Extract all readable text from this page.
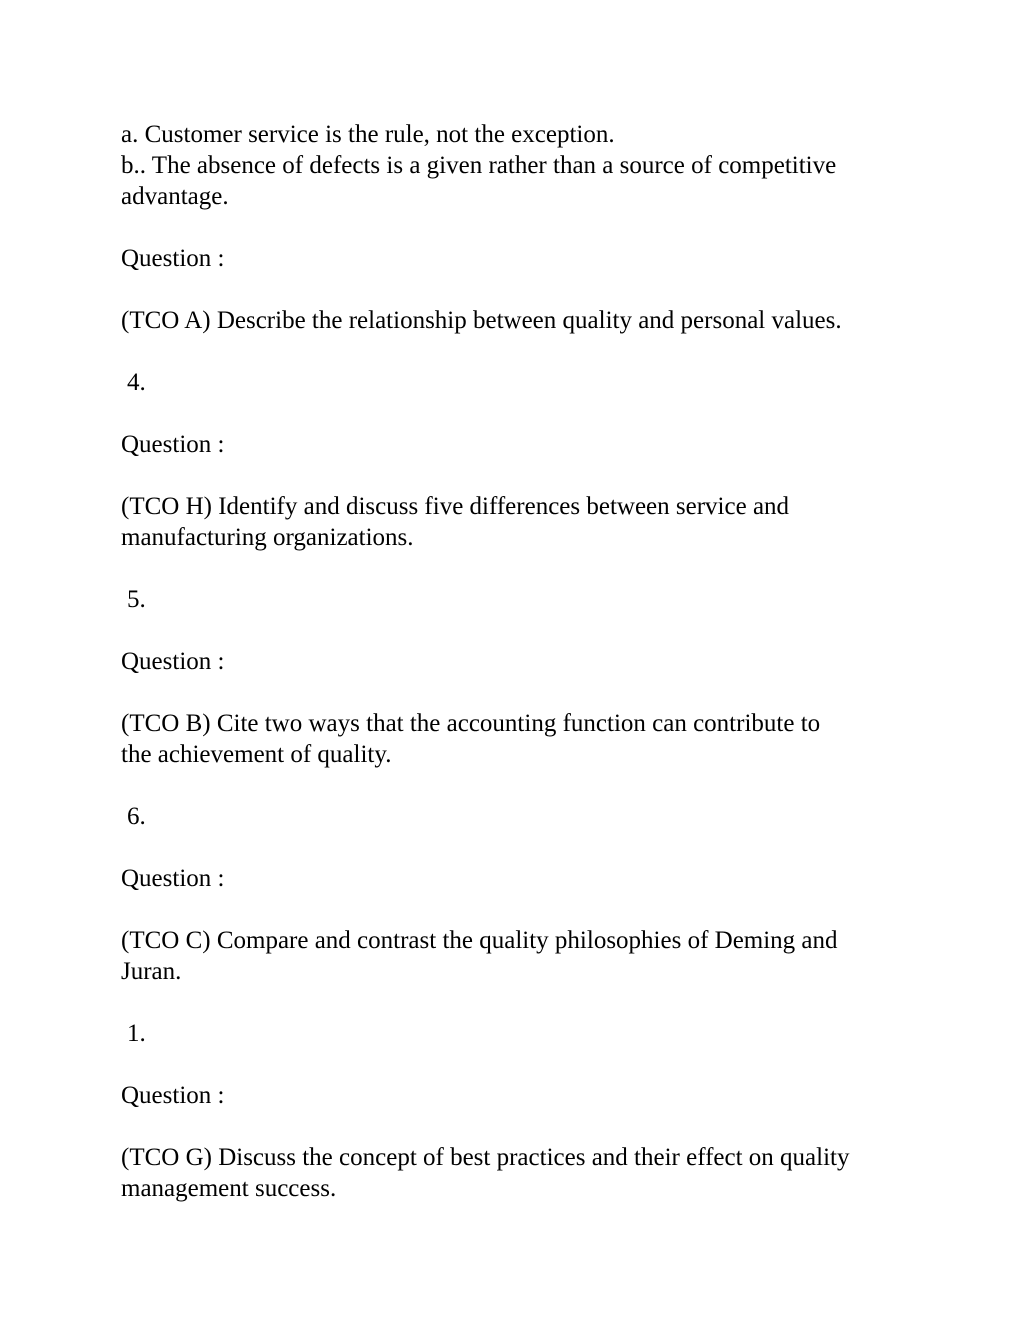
a. Customer service is the rule, not the exception.
b.. The absence of defects is a given rather than a source of competitive
advantage.
Question :
(TCO A) Describe the relationship between quality and personal values.
4.
Question :
(TCO H) Identify and discuss five differences between service and
manufacturing organizations.
5.
Question :
(TCO B) Cite two ways that the accounting function can contribute to
the achievement of quality.
6.
Question :
(TCO C) Compare and contrast the quality philosophies of Deming and
Juran.
1.
Question :
(TCO G) Discuss the concept of best practices and their effect on quality
management success.
